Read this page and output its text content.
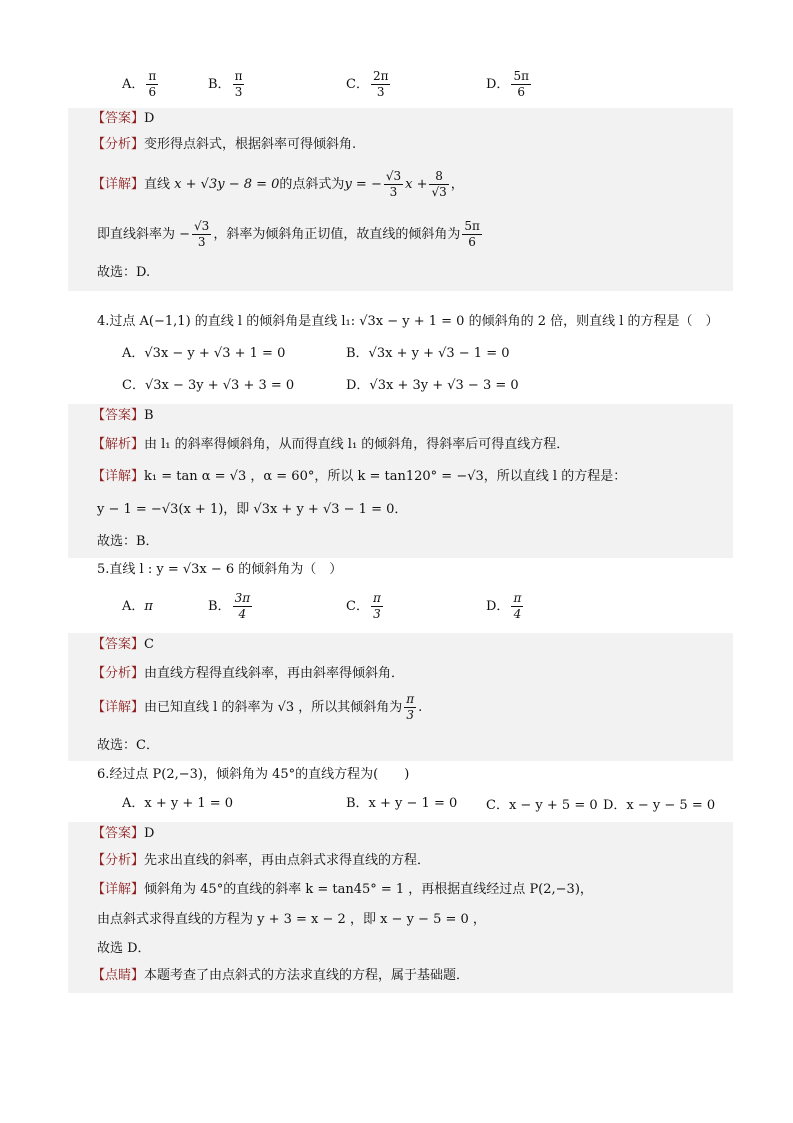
A． $\frac{\pi}{6}$	B． $\frac{\pi}{3}$	C． $\frac{2\pi}{3}$	D． $\frac{5\pi}{6}$
【答案】D
【分析】变形得点斜式，根据斜率可得倾斜角.
【详解】直线 x + √3y − 8 = 0的点斜式为y = − $\frac{√3}{3}$ $x + \frac{8}{√3}$ ，
即直线斜率为 − $\frac{√3}{3}$ ，斜率为倾斜角正切值，故直线的倾斜角为 $\frac{5\pi}{6}$
故选：D.
4.过点 A(−1,1) 的直线 l 的倾斜角是直线 l₁: √3x − y + 1 = 0 的倾斜角的 2 倍，则直线 l 的方程是（　）
A．√3x − y + √3 + 1 = 0	B．√3x + y + √3 − 1 = 0
C．√3x − 3y + √3 + 3 = 0	D．√3x + 3y + √3 − 3 = 0
【答案】B
【解析】由 l₁ 的斜率得倾斜角，从而得直线 l₁ 的倾斜角，得斜率后可得直线方程．
【详解】k₁ = tan α = √3 ，α = 60°，所以 k = tan120° = −√3，所以直线 l 的方程是：
y − 1 = −√3(x + 1)，即 √3x + y + √3 − 1 = 0．
故选：B．
5.直线 l : y = √3x − 6 的倾斜角为（　）
A．π	B． $\frac{3\pi}{4}$	C． $\frac{\pi}{3}$	D． $\frac{\pi}{4}$
【答案】C
【分析】由直线方程得直线斜率，再由斜率得倾斜角．
【详解】由已知直线 l 的斜率为 √3 ，所以其倾斜角为 $\frac{\pi}{3}$ .
故选：C．
6.经过点 P(2,−3)，倾斜角为 45°的直线方程为(　　)
A．x + y + 1 = 0	B．x + y − 1 = 0 C．x − y + 5 = 0 D．x − y − 5 = 0
【答案】D
【分析】先求出直线的斜率，再由点斜式求得直线的方程．
【详解】倾斜角为 45°的直线的斜率 k = tan45° = 1 ，再根据直线经过点 P(2,−3)，
由点斜式求得直线的方程为 y + 3 = x − 2 ，即 x − y − 5 = 0 ，
故选 D．
【点睛】本题考查了由点斜式的方法求直线的方程，属于基础题．
